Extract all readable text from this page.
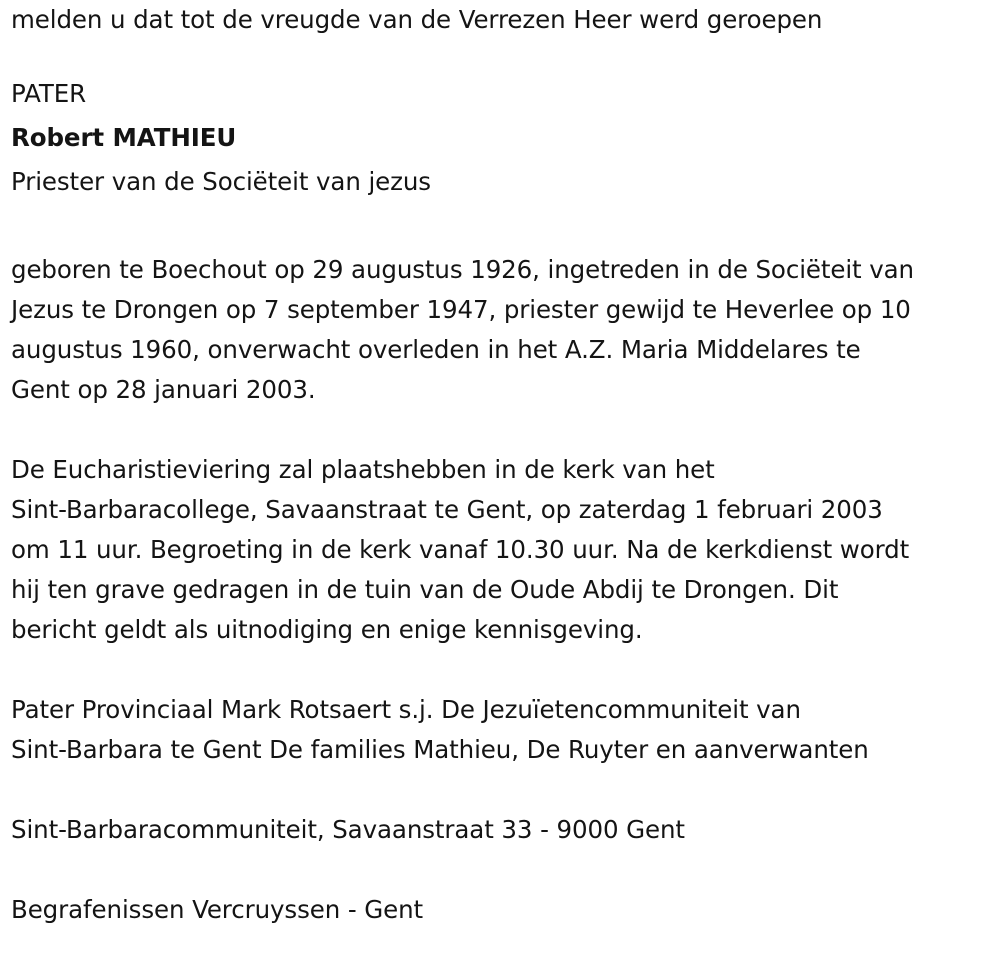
melden u dat tot de vreugde van de Verrezen Heer werd geroepen
PATER
Robert MATHIEU
Priester van de Sociëteit van jezus
geboren te Boechout op 29 augustus 1926, ingetreden in de Sociëteit van
Jezus te Drongen op 7 september 1947, priester gewijd te Heverlee op 10
augustus 1960, onverwacht overleden in het A.Z. Maria Middelares te
Gent op 28 januari 2003.
De Eucharistieviering zal plaatshebben in de kerk van het
Sint-Barbaracollege, Savaanstraat te Gent, op zaterdag 1 februari 2003
om 11 uur. Begroeting in de kerk vanaf 10.30 uur. Na de kerkdienst wordt
hij ten grave gedragen in de tuin van de Oude Abdij te Drongen. Dit
bericht geldt als uitnodiging en enige kennisgeving.
Pater Provinciaal Mark Rotsaert s.j. De Jezuïetencommuniteit van
Sint-Barbara te Gent De families Mathieu, De Ruyter en aanverwanten
Sint-Barbaracommuniteit, Savaanstraat 33 - 9000 Gent
Begrafenissen Vercruyssen - Gent
